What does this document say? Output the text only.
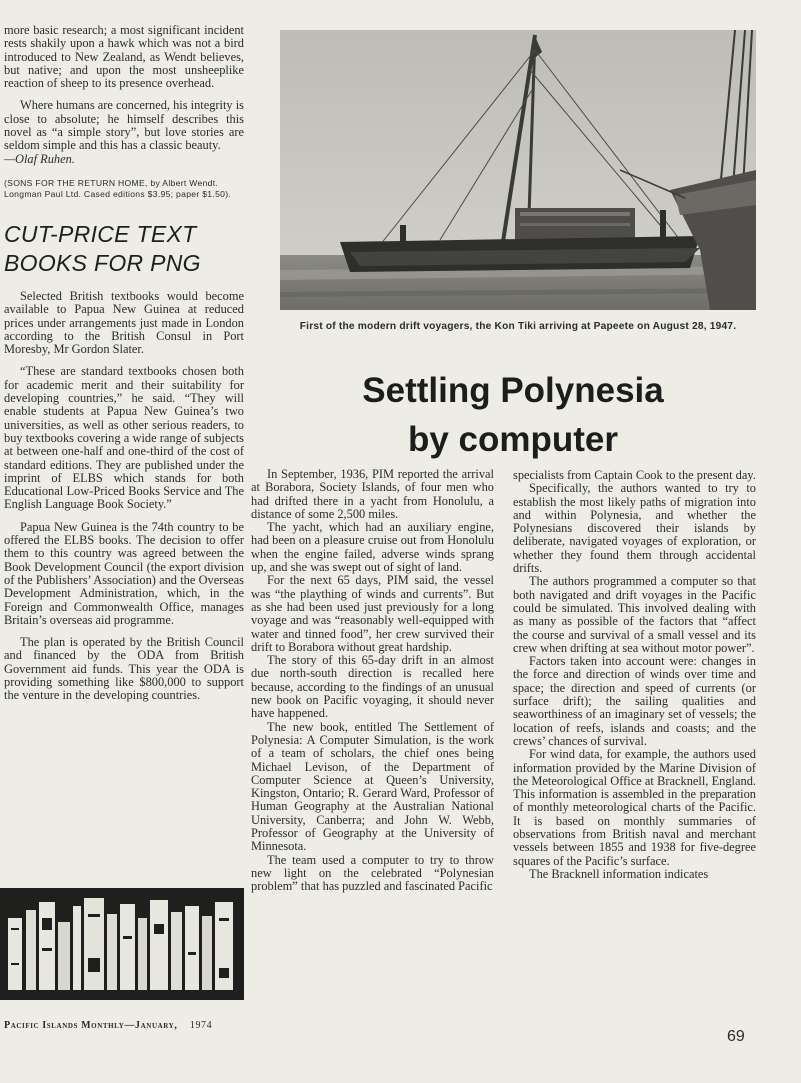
more basic research; a most significant incident rests shakily upon a hawk which was not a bird introduced to New Zealand, as Wendt believes, but native; and upon the most unsheeplike reaction of sheep to its presence overhead.

Where humans are concerned, his integrity is close to absolute; he himself describes this novel as “a simple story”, but love stories are seldom simple and this has a classic beauty.

—Olaf Ruhen.

(SONS FOR THE RETURN HOME, by Albert Wendt. Longman Paul Ltd. Cased editions $3.95; paper $1.50).

CUT-PRICE TEXT
BOOKS FOR PNG

Selected British textbooks would become available to Papua New Guinea at reduced prices under arrangements just made in London according to the British Consul in Port Moresby, Mr Gordon Slater.

“These are standard textbooks chosen both for academic merit and their suitability for developing countries,” he said. “They will enable students at Papua New Guinea’s two universities, as well as other serious readers, to buy textbooks covering a wide range of subjects at between one-half and one-third of the cost of standard editions. They are published under the imprint of ELBS which stands for both Educational Low-Priced Books Service and The English Language Book Society.”

Papua New Guinea is the 74th country to be offered the ELBS books. The decision to offer them to this country was agreed between the Book Development Council (the export division of the Publishers’ Association) and the Overseas Development Administration, which, in the Foreign and Commonwealth Office, manages Britain’s overseas aid programme.

The plan is operated by the British Council and financed by the ODA from British Government aid funds. This year the ODA is providing something like $800,000 to support the venture in the developing countries.

First of the modern drift voyagers, the Kon Tiki arriving at Papeete on August 28, 1947.
Settling Polynesia
by computer

In September, 1936, PIM reported the arrival at Borabora, Society Islands, of four men who had drifted there in a yacht from Honolulu, a distance of some 2,500 miles.

The yacht, which had an auxiliary engine, had been on a pleasure cruise out from Honolulu when the engine failed, adverse winds sprang up, and she was swept out of sight of land.

For the next 65 days, PIM said, the vessel was “the plaything of winds and currents”. But as she had been used just previously for a long voyage and was “reasonably well-equipped with water and tinned food”, her crew survived their drift to Borabora without great hardship.

The story of this 65-day drift in an almost due north-south direction is recalled here because, according to the findings of an unusual new book on Pacific voyaging, it should never have happened.

The new book, entitled The Settlement of Polynesia: A Computer Simulation, is the work of a team of scholars, the chief ones being Michael Levison, of the Department of Computer Science at Queen’s University, Kingston, Ontario; R. Gerard Ward, Professor of Human Geography at the Australian National University, Canberra; and John W. Webb, Professor of Geography at the University of Minnesota.

The team used a computer to try to throw new light on the celebrated “Polynesian problem” that has puzzled and fascinated Pacific

specialists from Captain Cook to the present day.

Specifically, the authors wanted to try to establish the most likely paths of migration into and within Polynesia, and whether the Polynesians discovered their islands by deliberate, navigated voyages of exploration, or whether they found them through accidental drifts.

The authors programmed a computer so that both navigated and drift voyages in the Pacific could be simulated. This involved dealing with as many as possible of the factors that “affect the course and survival of a small vessel and its crew when drifting at sea without motor power”.

Factors taken into account were: changes in the force and direction of winds over time and space; the direction and speed of currents (or surface drift); the sailing qualities and seaworthiness of an imaginary set of vessels; the location of reefs, islands and coasts; and the crews’ chances of survival.

For wind data, for example, the authors used information provided by the Marine Division of the Meteorological Office at Bracknell, England. This information is assembled in the preparation of monthly meteorological charts of the Pacific. It is based on monthly summaries of observations from British naval and merchant vessels between 1855 and 1938 for five-degree squares of the Pacific’s surface.

The Bracknell information indicates

Pacific Islands Monthly—January, 1974
69
